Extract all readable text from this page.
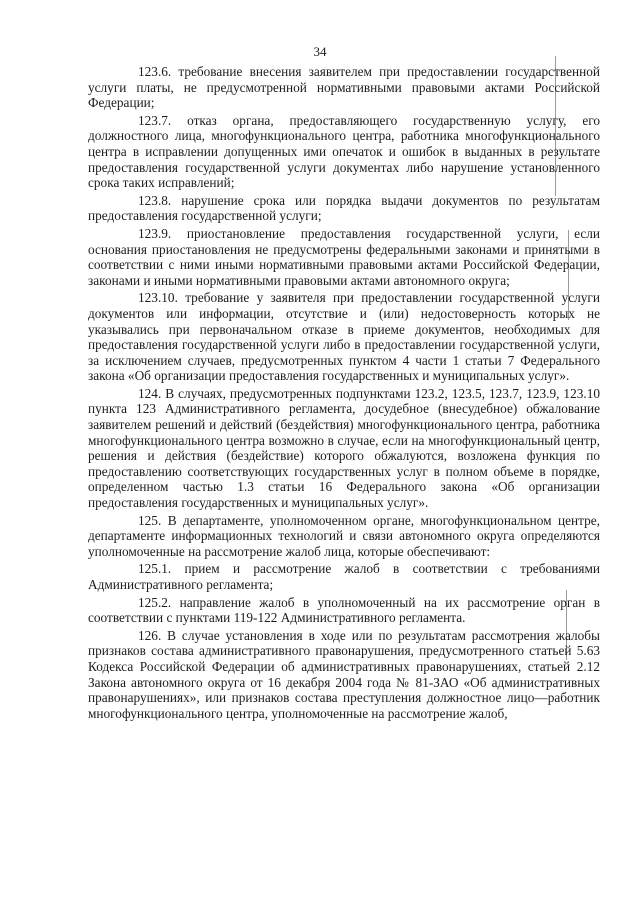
34

123.6. требование внесения заявителем при предоставлении государственной услуги платы, не предусмотренной нормативными правовыми актами Российской Федерации;

123.7. отказ органа, предоставляющего государственную услугу, его должностного лица, многофункционального центра, работника многофункционального центра в исправлении допущенных ими опечаток и ошибок в выданных в результате предоставления государственной услуги документах либо нарушение установленного срока таких исправлений;

123.8. нарушение срока или порядка выдачи документов по результатам предоставления государственной услуги;

123.9. приостановление предоставления государственной услуги, если основания приостановления не предусмотрены федеральными законами и принятыми в соответствии с ними иными нормативными правовыми актами Российской Федерации, законами и иными нормативными правовыми актами автономного округа;

123.10. требование у заявителя при предоставлении государственной услуги документов или информации, отсутствие и (или) недостоверность которых не указывались при первоначальном отказе в приеме документов, необходимых для предоставления государственной услуги либо в предоставлении государственной услуги, за исключением случаев, предусмотренных пунктом 4 части 1 статьи 7 Федерального закона «Об организации предоставления государственных и муниципальных услуг».

124. В случаях, предусмотренных подпунктами 123.2, 123.5, 123.7, 123.9, 123.10 пункта 123 Административного регламента, досудебное (внесудебное) обжалование заявителем решений и действий (бездействия) многофункционального центра, работника многофункционального центра возможно в случае, если на многофункциональный центр, решения и действия (бездействие) которого обжалуются, возложена функция по предоставлению соответствующих государственных услуг в полном объеме в порядке, определенном частью 1.3 статьи 16 Федерального закона «Об организации предоставления государственных и муниципальных услуг».

125. В департаменте, уполномоченном органе, многофункциональном центре, департаменте информационных технологий и связи автономного округа определяются уполномоченные на рассмотрение жалоб лица, которые обеспечивают:

125.1. прием и рассмотрение жалоб в соответствии с требованиями Административного регламента;

125.2. направление жалоб в уполномоченный на их рассмотрение орган в соответствии с пунктами 119-122 Административного регламента.

126. В случае установления в ходе или по результатам рассмотрения жалобы признаков состава административного правонарушения, предусмотренного статьей 5.63 Кодекса Российской Федерации об административных правонарушениях, статьей 2.12 Закона автономного округа от 16 декабря 2004 года № 81-ЗАО «Об административных правонарушениях», или признаков состава преступления должностное лицо—работник многофункционального центра, уполномоченные на рассмотрение жалоб,
